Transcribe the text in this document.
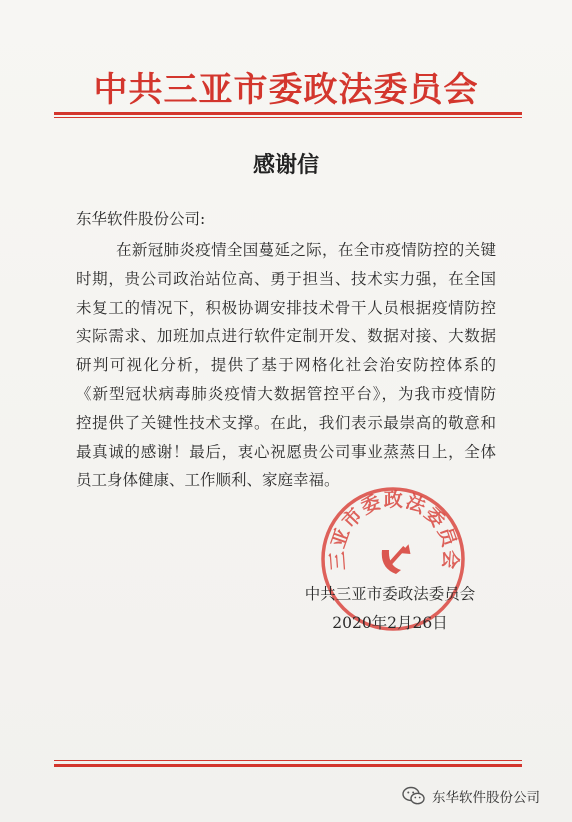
中共三亚市委政法委员会
感谢信
东华软件股份公司:
在新冠肺炎疫情全国蔓延之际，在全市疫情防控的关键
时期，贵公司政治站位高、勇于担当、技术实力强，在全国
未复工的情况下，积极协调安排技术骨干人员根据疫情防控
实际需求、加班加点进行软件定制开发、数据对接、大数据
研判可视化分析，提供了基于网格化社会治安防控体系的
《新型冠状病毒肺炎疫情大数据管控平台》，为我市疫情防
控提供了关键性技术支撑。在此，我们表示最崇高的敬意和
最真诚的感谢！最后，衷心祝愿贵公司事业蒸蒸日上，全体
员工身体健康、工作顺利、家庭幸福。
三亚市委政法委员会
中共三亚市委政法委员会
2020年2月26日
东华软件股份公司
